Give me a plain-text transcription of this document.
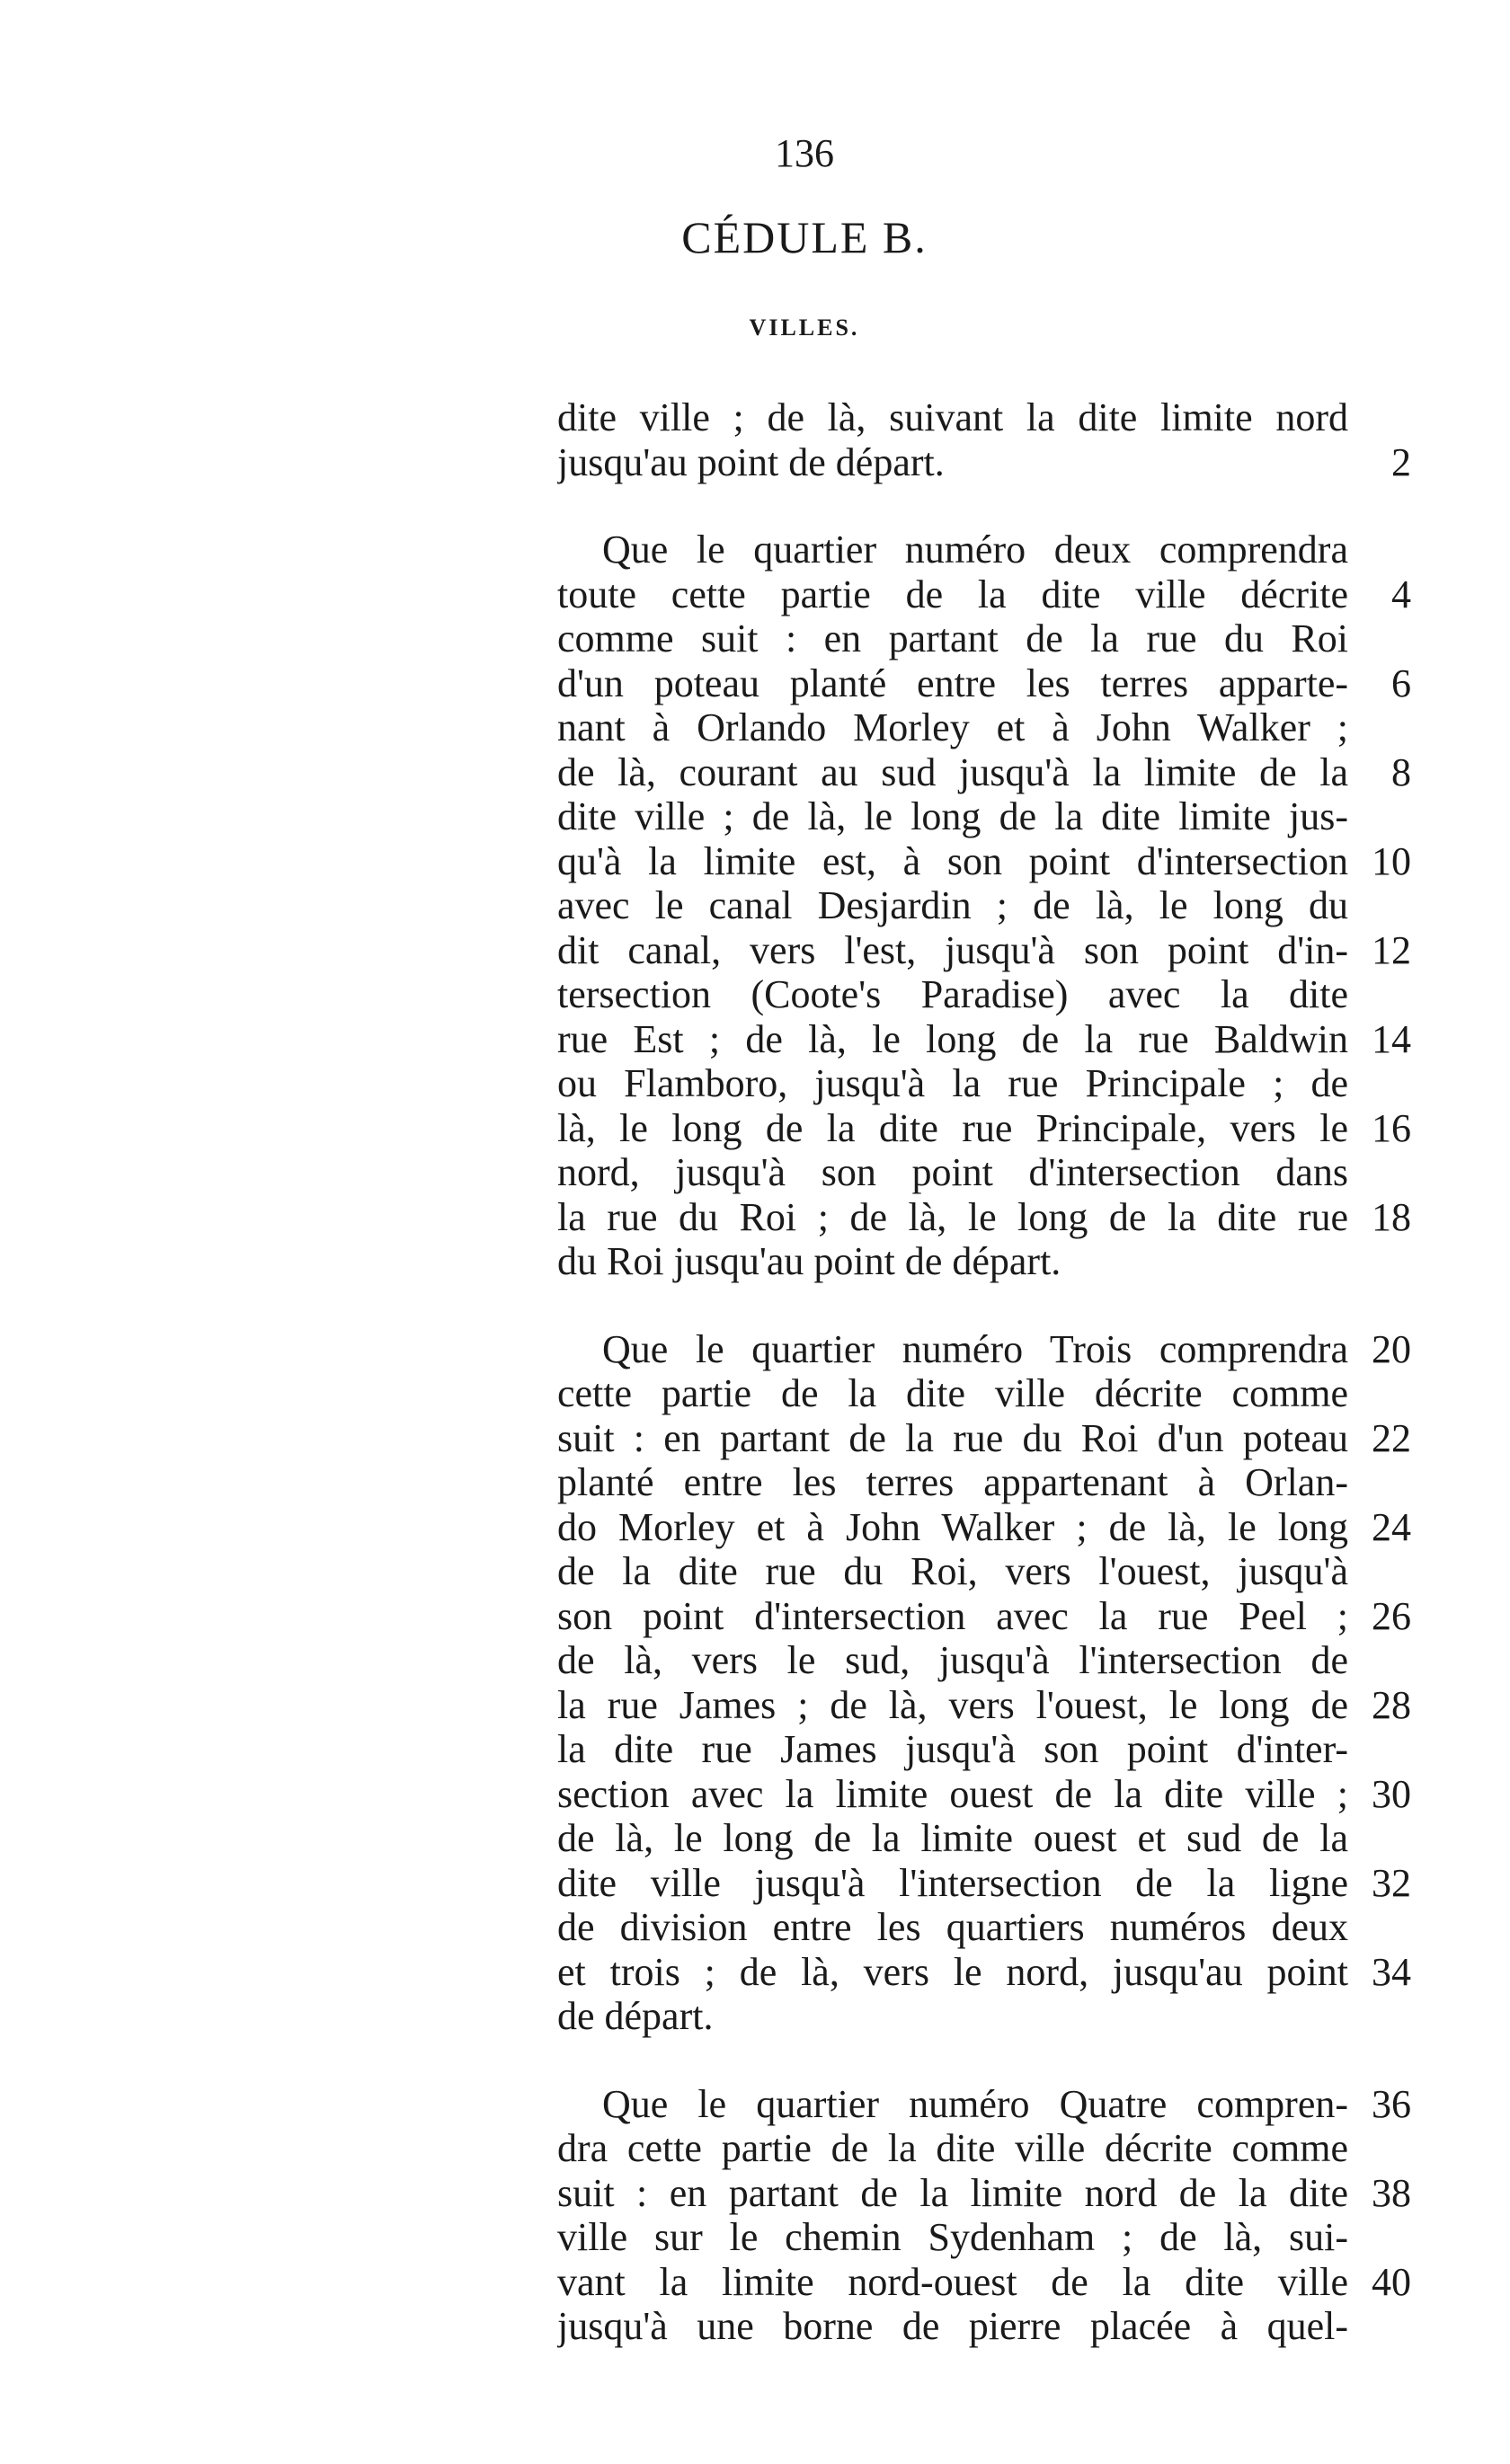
136
CÉDULE B.
VILLES.
dite ville ; de là, suivant la dite limite nord
jusqu'au point de départ.	2
Que le quartier numéro deux comprendra
toute cette partie de la dite ville décrite	4
comme suit : en partant de la rue du Roi
d'un poteau planté entre les terres apparte-	6
nant à Orlando Morley et à John Walker ;
de là, courant au sud jusqu'à la limite de la	8
dite ville ; de là, le long de la dite limite jus-
qu'à la limite est, à son point d'intersection 10
avec le canal Desjardin ; de là, le long du
dit canal, vers l'est, jusqu'à son point d'in- 12
tersection (Coote's Paradise) avec la dite
rue Est ; de là, le long de la rue Baldwin 14
ou Flamboro, jusqu'à la rue Principale ; de
là, le long de la dite rue Principale, vers le 16
nord, jusqu'à son point d'intersection dans
la rue du Roi ; de là, le long de la dite rue 18
du Roi jusqu'au point de départ.
Que le quartier numéro Trois comprendra 20
cette partie de la dite ville décrite comme
suit : en partant de la rue du Roi d'un poteau 22
planté entre les terres appartenant à Orlan-
do Morley et à John Walker ; de là, le long 24
de la dite rue du Roi, vers l'ouest, jusqu'à
son point d'intersection avec la rue Peel ; 26
de là, vers le sud, jusqu'à l'intersection de
la rue James ; de là, vers l'ouest, le long de 28
la dite rue James jusqu'à son point d'inter-
section avec la limite ouest de la dite ville ; 30
de là, le long de la limite ouest et sud de la
dite ville jusqu'à l'intersection de la ligne 32
de division entre les quartiers numéros deux
et trois ; de là, vers le nord, jusqu'au point 34
de départ.
Que le quartier numéro Quatre compren- 36
dra cette partie de la dite ville décrite comme
suit : en partant de la limite nord de la dite 38
ville sur le chemin Sydenham ; de là, sui-
vant la limite nord-ouest de la dite ville 40
jusqu'à une borne de pierre placée à quel-
